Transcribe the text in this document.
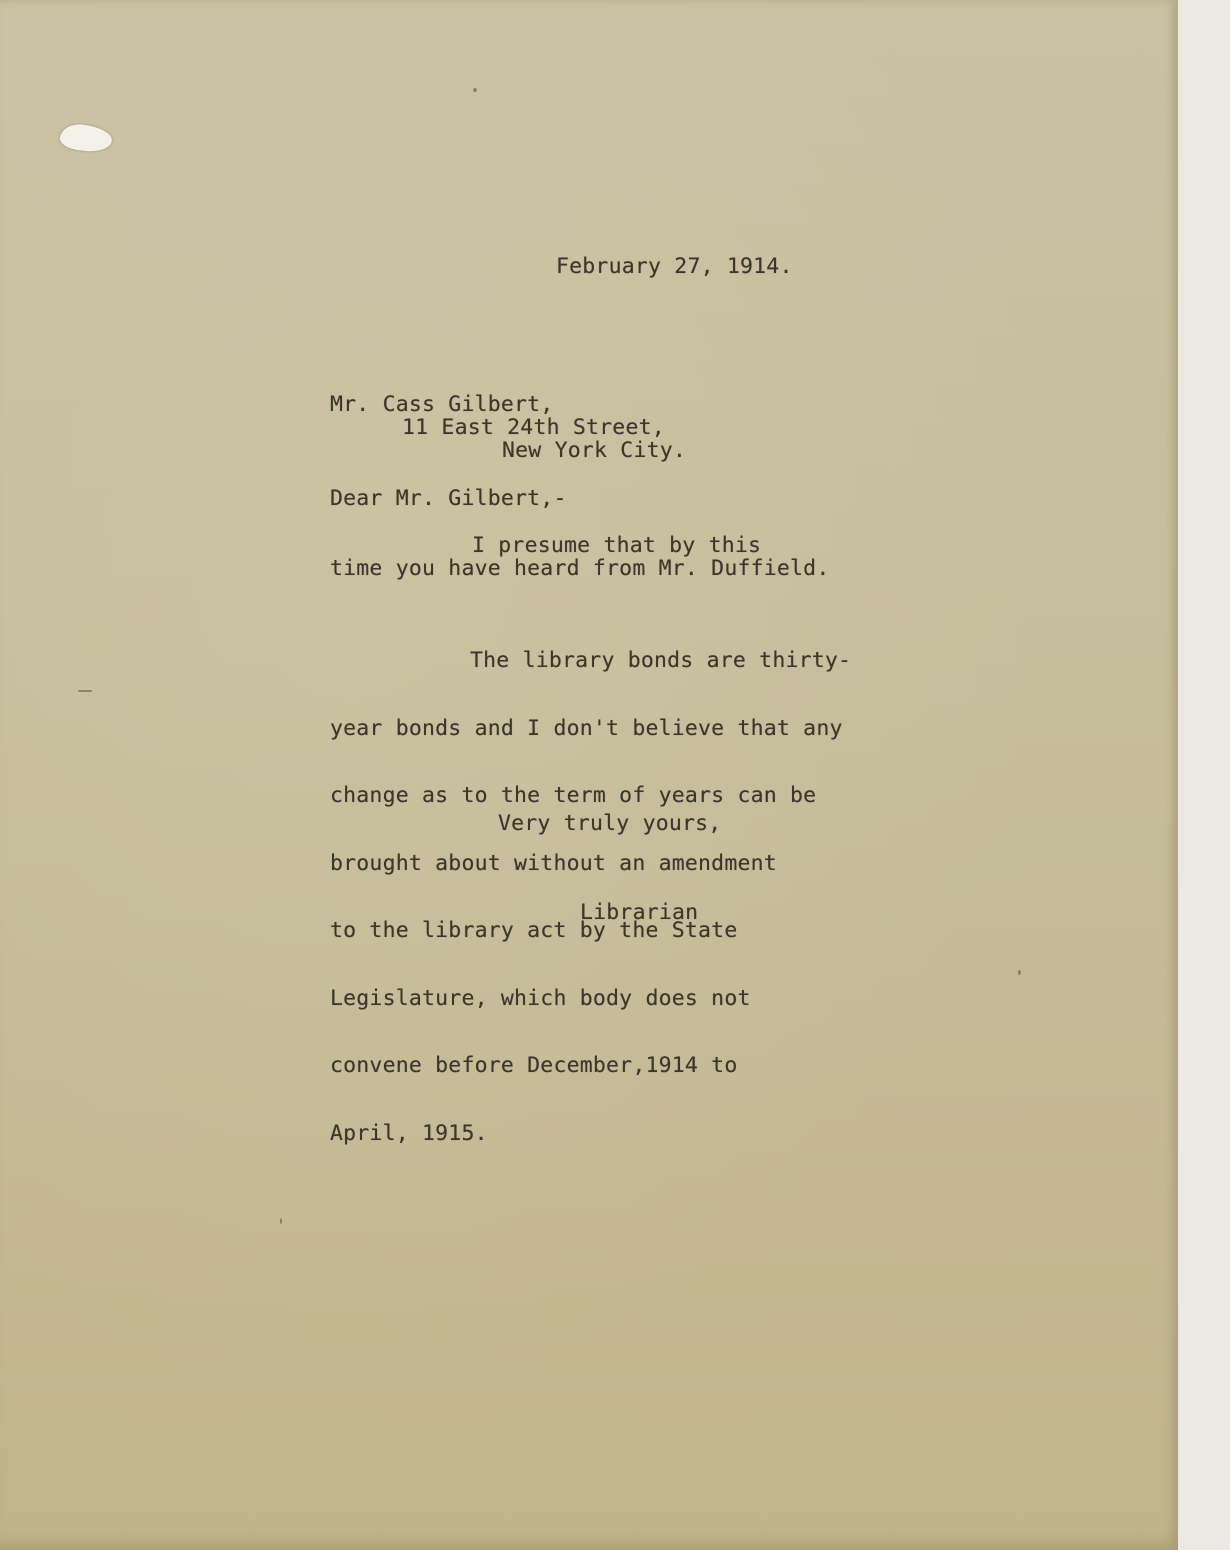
February 27, 1914.
Mr. Cass Gilbert,
11 East 24th Street,
New York City.
Dear Mr. Gilbert,-
I presume that by this
time you have heard from Mr. Duffield.

The library bonds are thirty-

year bonds and I don't believe that any

change as to the term of years can be

brought about without an amendment

to the library act by the State

Legislature, which body does not

convene before December,1914 to

April, 1915.

Very truly yours,
Librarian
